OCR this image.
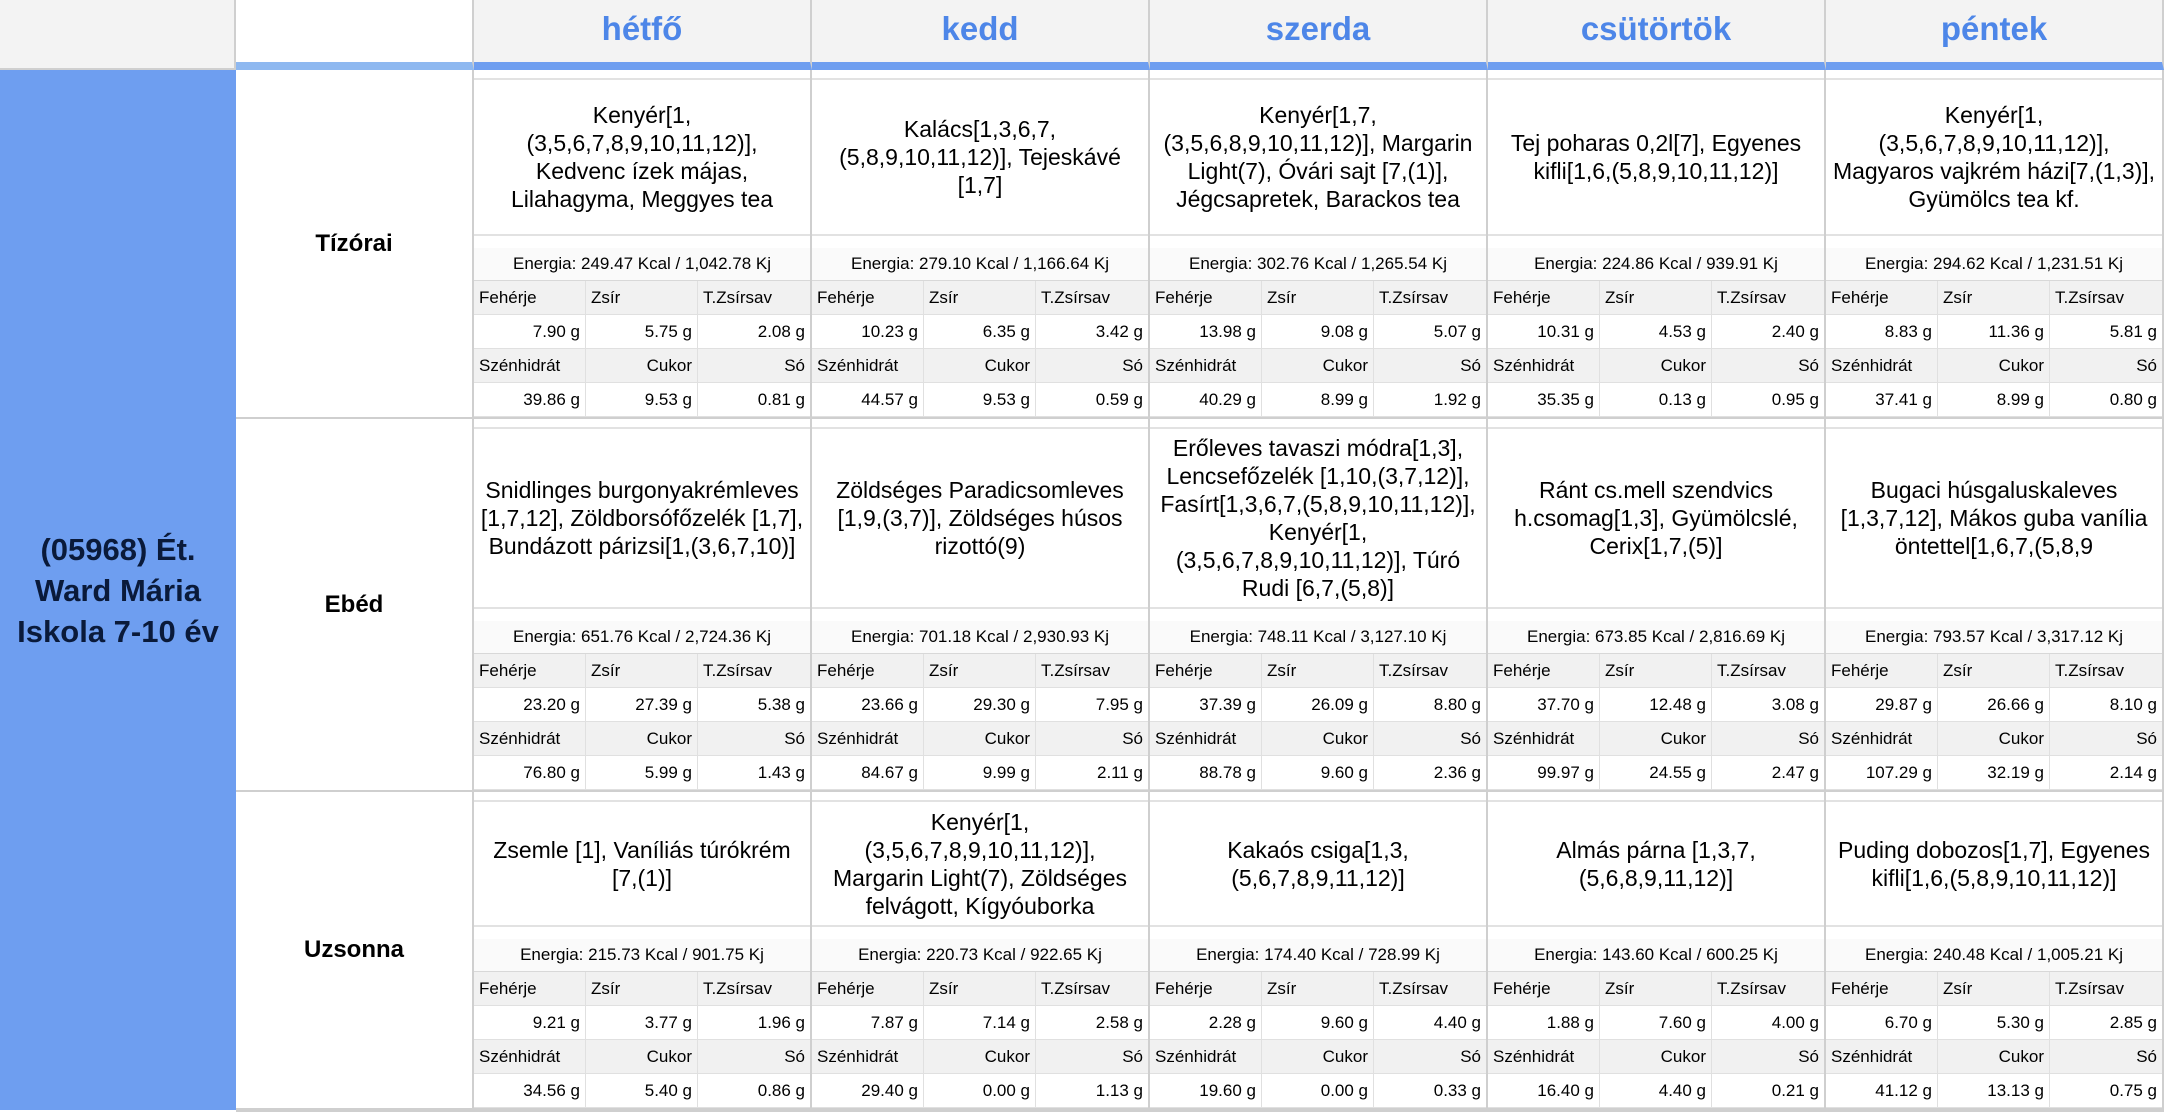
hétfő	kedd	szerda	csütörtök	péntek
(05968) Ét.
Ward Mária
Iskola 7-10 év
Tízórai
Kenyér[1,(3,5,6,7,8,9,10,11,12)], Kedvenc ízek májas, Lilahagyma, Meggyes tea
Energia: 249.47 Kcal / 1,042.78 Kj
Fehérje	Zsír	T.Zsírsav
7.90 g	5.75 g	2.08 g
Szénhidrát	Cukor	Só
39.86 g	9.53 g	0.81 g
Kalács[1,3,6,7,(5,8,9,10,11,12)], Tejeskávé [1,7]
Energia: 279.10 Kcal / 1,166.64 Kj
Fehérje	Zsír	T.Zsírsav
10.23 g	6.35 g	3.42 g
Szénhidrát	Cukor	Só
44.57 g	9.53 g	0.59 g
Kenyér[1,7,(3,5,6,8,9,10,11,12)], Margarin Light(7), Óvári sajt [7,(1)], Jégcsapretek, Barackos tea
Energia: 302.76 Kcal / 1,265.54 Kj
Fehérje	Zsír	T.Zsírsav
13.98 g	9.08 g	5.07 g
Szénhidrát	Cukor	Só
40.29 g	8.99 g	1.92 g
Tej poharas 0,2l[7], Egyenes kifli[1,6,(5,8,9,10,11,12)]
Energia: 224.86 Kcal / 939.91 Kj
Fehérje	Zsír	T.Zsírsav
10.31 g	4.53 g	2.40 g
Szénhidrát	Cukor	Só
35.35 g	0.13 g	0.95 g
Kenyér[1,(3,5,6,7,8,9,10,11,12)], Magyaros vajkrém házi[7,(1,3)], Gyümölcs tea kf.
Energia: 294.62 Kcal / 1,231.51 Kj
Fehérje	Zsír	T.Zsírsav
8.83 g	11.36 g	5.81 g
Szénhidrát	Cukor	Só
37.41 g	8.99 g	0.80 g
Ebéd
Snidlinges burgonyakrémleves [1,7,12], Zöldborsófőzelék [1,7], Bundázott párizsi[1,(3,6,7,10)]
Energia: 651.76 Kcal / 2,724.36 Kj
Fehérje	Zsír	T.Zsírsav
23.20 g	27.39 g	5.38 g
Szénhidrát	Cukor	Só
76.80 g	5.99 g	1.43 g
Zöldséges Paradicsomleves [1,9,(3,7)], Zöldséges húsos rizottó(9)
Energia: 701.18 Kcal / 2,930.93 Kj
Fehérje	Zsír	T.Zsírsav
23.66 g	29.30 g	7.95 g
Szénhidrát	Cukor	Só
84.67 g	9.99 g	2.11 g
Erőleves tavaszi módra[1,3], Lencsefőzelék [1,10,(3,7,12)], Fasírt[1,3,6,7,(5,8,9,10,11,12)], Kenyér[1,(3,5,6,7,8,9,10,11,12)], Túró Rudi [6,7,(5,8)]
Energia: 748.11 Kcal / 3,127.10 Kj
Fehérje	Zsír	T.Zsírsav
37.39 g	26.09 g	8.80 g
Szénhidrát	Cukor	Só
88.78 g	9.60 g	2.36 g
Ránt cs.mell szendvics h.csomag[1,3], Gyümölcslé, Cerix[1,7,(5)]
Energia: 673.85 Kcal / 2,816.69 Kj
Fehérje	Zsír	T.Zsírsav
37.70 g	12.48 g	3.08 g
Szénhidrát	Cukor	Só
99.97 g	24.55 g	2.47 g
Bugaci húsgaluskaleves [1,3,7,12], Mákos guba vanília öntettel[1,6,7,(5,8,9
Energia: 793.57 Kcal / 3,317.12 Kj
Fehérje	Zsír	T.Zsírsav
29.87 g	26.66 g	8.10 g
Szénhidrát	Cukor	Só
107.29 g	32.19 g	2.14 g
Uzsonna
Zsemle [1], Vaníliás túrókrém [7,(1)]
Energia: 215.73 Kcal / 901.75 Kj
Fehérje	Zsír	T.Zsírsav
9.21 g	3.77 g	1.96 g
Szénhidrát	Cukor	Só
34.56 g	5.40 g	0.86 g
Kenyér[1,(3,5,6,7,8,9,10,11,12)], Margarin Light(7), Zöldséges felvágott, Kígyóuborka
Energia: 220.73 Kcal / 922.65 Kj
Fehérje	Zsír	T.Zsírsav
7.87 g	7.14 g	2.58 g
Szénhidrát	Cukor	Só
29.40 g	0.00 g	1.13 g
Kakaós csiga[1,3,(5,6,7,8,9,11,12)]
Energia: 174.40 Kcal / 728.99 Kj
Fehérje	Zsír	T.Zsírsav
2.28 g	9.60 g	4.40 g
Szénhidrát	Cukor	Só
19.60 g	0.00 g	0.33 g
Almás párna [1,3,7,(5,6,8,9,11,12)]
Energia: 143.60 Kcal / 600.25 Kj
Fehérje	Zsír	T.Zsírsav
1.88 g	7.60 g	4.00 g
Szénhidrát	Cukor	Só
16.40 g	4.40 g	0.21 g
Puding dobozos[1,7], Egyenes kifli[1,6,(5,8,9,10,11,12)]
Energia: 240.48 Kcal / 1,005.21 Kj
Fehérje	Zsír	T.Zsírsav
6.70 g	5.30 g	2.85 g
Szénhidrát	Cukor	Só
41.12 g	13.13 g	0.75 g
